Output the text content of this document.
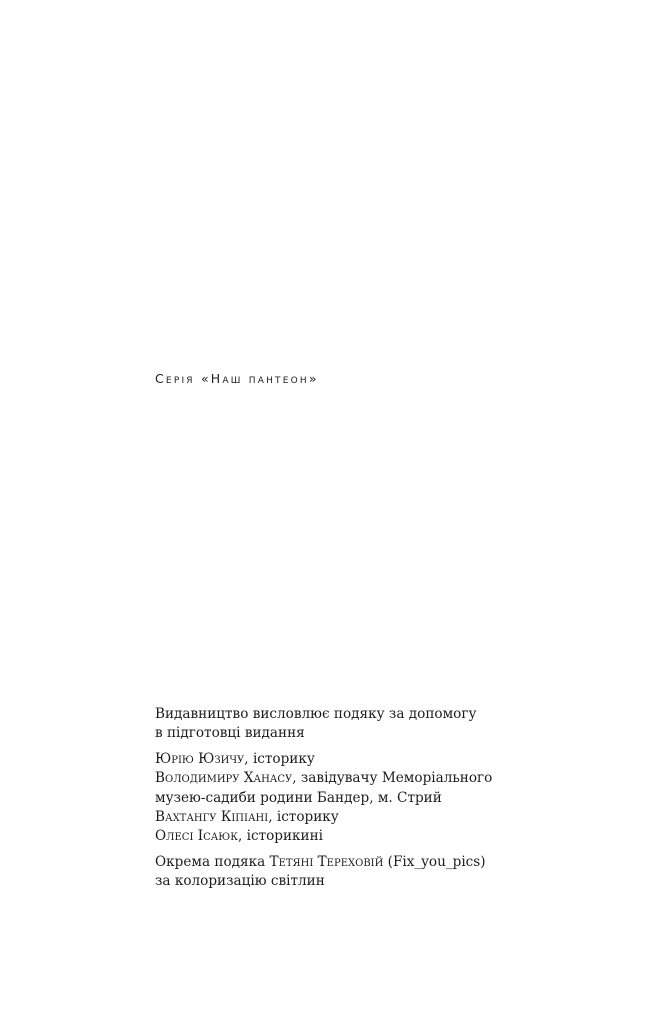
Серія «Наш пантеон»

Видавництво висловлює подяку за допомогу
в підготовці видання

Юрію Юзичу, історику
Володимиру Ханасу, завідувачу Меморіального
музею-садиби родини Бандер, м. Стрий
Вахтангу Кіпіані, історику
Олесі Ісаюк, історикині

Окрема подяка Тетяні Тереховій (Fix_you_pics)
за колоризацію світлин
